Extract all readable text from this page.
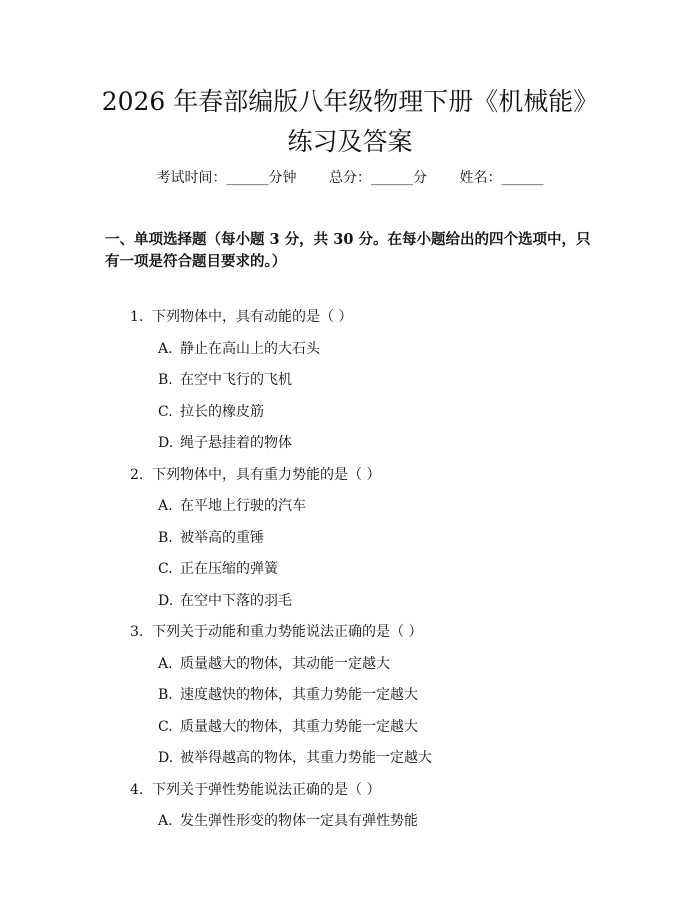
2026 年春部编版八年级物理下册《机械能》
练习及答案
考试时间：______分钟 总分：______分 姓名：______

一、单项选择题（每小题 3 分，共 30 分。在每小题给出的四个选项中，只有一项是符合题目要求的。）

1. 下列物体中，具有动能的是（ ）
A. 静止在高山上的大石头
B. 在空中飞行的飞机
C. 拉长的橡皮筋
D. 绳子悬挂着的物体
2. 下列物体中，具有重力势能的是（ ）
A. 在平地上行驶的汽车
B. 被举高的重锤
C. 正在压缩的弹簧
D. 在空中下落的羽毛
3. 下列关于动能和重力势能说法正确的是（ ）
A. 质量越大的物体，其动能一定越大
B. 速度越快的物体，其重力势能一定越大
C. 质量越大的物体，其重力势能一定越大
D. 被举得越高的物体，其重力势能一定越大
4. 下列关于弹性势能说法正确的是（ ）
A. 发生弹性形变的物体一定具有弹性势能
